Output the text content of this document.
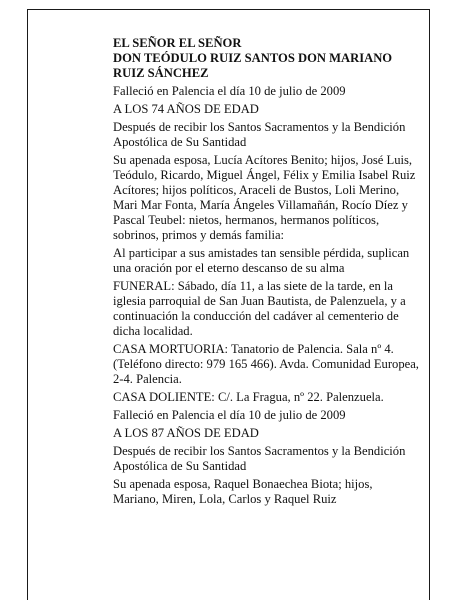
EL SEÑOR EL SEÑOR

DON TEÓDULO RUIZ SANTOS DON MARIANO RUIZ SÁNCHEZ

Falleció en Palencia el día 10 de julio de 2009

A LOS 74 AÑOS DE EDAD

Después de recibir los Santos Sacramentos y la Bendición Apostólica de Su Santidad

Su apenada esposa, Lucía Acítores Benito; hijos, José Luis, Teódulo, Ricardo, Miguel Ángel, Félix y Emilia Isabel Ruiz Acítores; hijos políticos, Araceli de Bustos, Loli Merino, Mari Mar Fonta, María Ángeles Villamañán, Rocío Díez y Pascal Teubel: nietos, hermanos, hermanos políticos, sobrinos, primos y demás familia:

Al participar a sus amistades tan sensible pérdida, suplican una oración por el eterno descanso de su alma

FUNERAL: Sábado, día 11, a las siete de la tarde, en la iglesia parroquial de San Juan Bautista, de Palenzuela, y a continuación la conducción del cadáver al cementerio de dicha localidad.

CASA MORTUORIA: Tanatorio de Palencia. Sala nº 4. (Teléfono directo: 979 165 466). Avda. Comunidad Europea, 2-4. Palencia.

CASA DOLIENTE: C/. La Fragua, nº 22. Palenzuela.

Falleció en Palencia el día 10 de julio de 2009

A LOS 87 AÑOS DE EDAD

Después de recibir los Santos Sacramentos y la Bendición Apostólica de Su Santidad

Su apenada esposa, Raquel Bonaechea Biota; hijos, Mariano, Miren, Lola, Carlos y Raquel Ruiz
